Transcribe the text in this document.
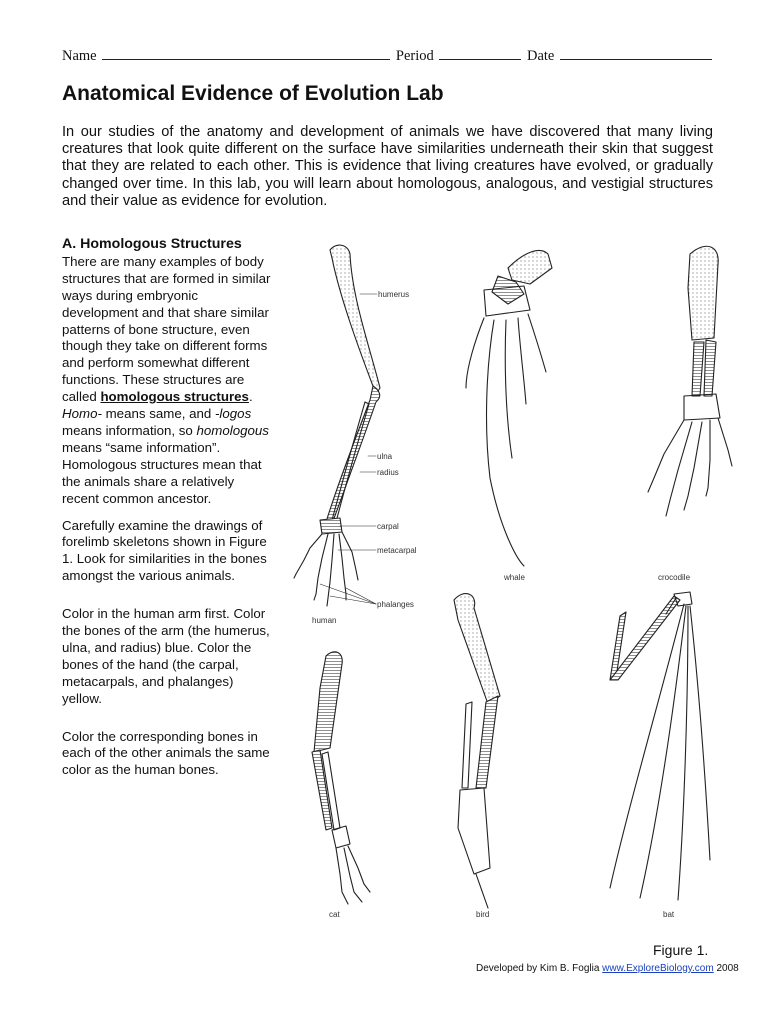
Name	Period	Date
Anatomical Evidence of Evolution Lab

In our studies of the anatomy and development of animals we have discovered that many living creatures that look quite different on the surface have similarities underneath their skin that suggest that they are related to each other. This is evidence that living creatures have evolved, or gradually changed over time. In this lab, you will learn about homologous, analogous, and vestigial structures and their value as evidence for evolution.

A. Homologous Structures

There are many examples of body structures that are formed in similar ways during embryonic development and that share similar patterns of bone structure, even though they take on different forms and perform somewhat different functions. These structures are called homologous structures. Homo- means same, and -logos means information, so homologous means “same information”. Homologous structures mean that the animals share a relatively recent common ancestor.

Carefully examine the drawings of forelimb skeletons shown in Figure 1. Look for similarities in the bones amongst the various animals.

Color in the human arm first. Color the bones of the arm (the humerus, ulna, and radius) blue. Color the bones of the hand (the carpal, metacarpals, and phalanges) yellow.

Color the corresponding bones in each of the other animals the same color as the human bones.

humerus
ulna
radius
carpal
metacarpal
phalanges
human
whale	crocodile
cat	bird	bat
Figure 1.
Developed by Kim B. Foglia www.ExploreBiology.com 2008
